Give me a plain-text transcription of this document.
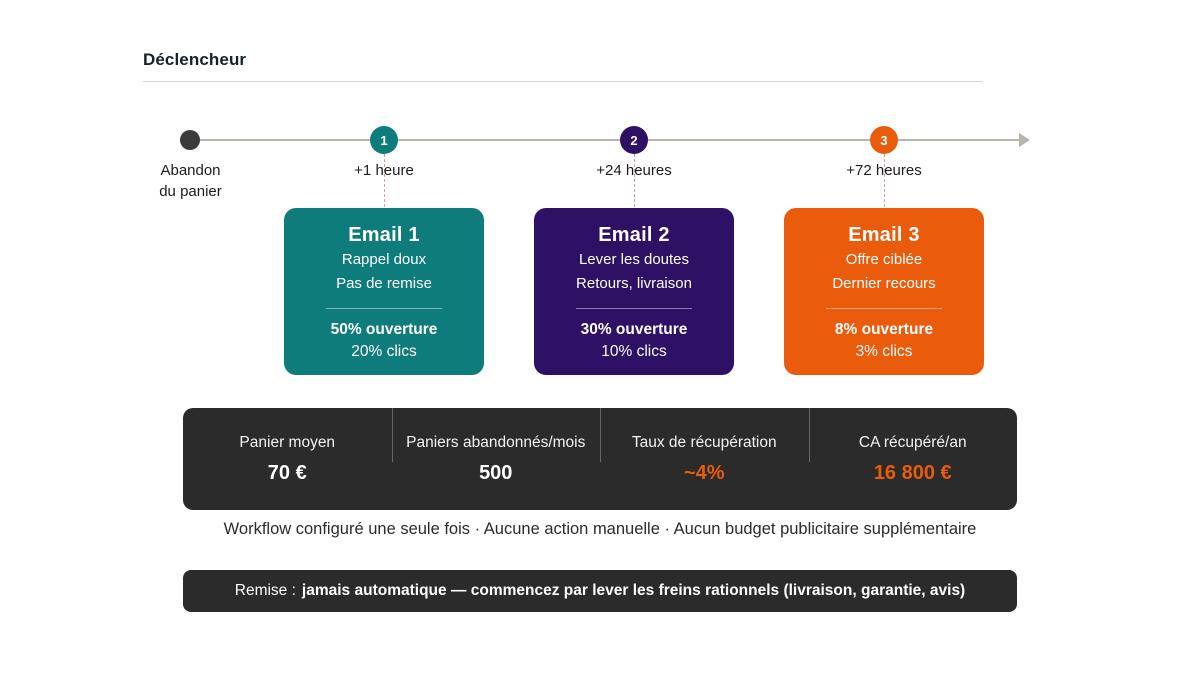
Déclencheur
Abandon
du panier
1
+1 heure
2
+24 heures
3
+72 heures
Email 1
Rappel doux
Pas de remise
50% ouverture
20% clics
Email 2
Lever les doutes
Retours, livraison
30% ouverture
10% clics
Email 3
Offre ciblée
Dernier recours
8% ouverture
3% clics
Panier moyen
70 €
Paniers abandonnés/mois
500
Taux de récupération
~4%
CA récupéré/an
16 800 €
Workflow configuré une seule fois · Aucune action manuelle · Aucun budget publicitaire supplémentaire
Remise : jamais automatique — commencez par lever les freins rationnels (livraison, garantie, avis)
